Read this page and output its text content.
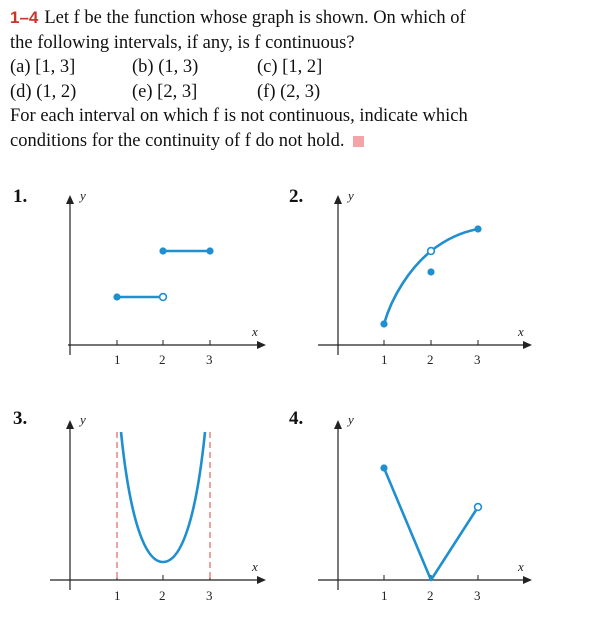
1–4 Let f be the function whose graph is shown. On which of
the following intervals, if any, is f continuous?
(a) [1, 3]	(b) (1, 3)	(c) [1, 2]
(d) (1, 2)	(e) [2, 3]	(f) (2, 3)
For each interval on which f is not continuous, indicate which
conditions for the continuity of f do not hold.
1.	y
x
1	2	3
2.	y
x
1	2	3
3.	y
x
1	2	3
4.	y
x
1	2	3
